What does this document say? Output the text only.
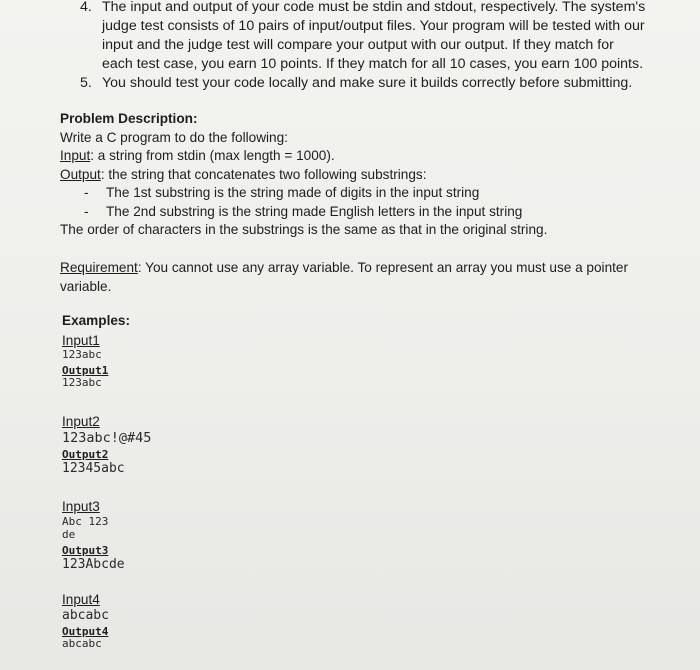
4. The input and output of your code must be stdin and stdout, respectively. The system's
judge test consists of 10 pairs of input/output files. Your program will be tested with our
input and the judge test will compare your output with our output. If they match for
each test case, you earn 10 points. If they match for all 10 cases, you earn 100 points.
5. You should test your code locally and make sure it builds correctly before submitting.
Problem Description:
Write a C program to do the following:
Input: a string from stdin (max length = 1000).
Output: the string that concatenates two following substrings:
- The 1st substring is the string made of digits in the input string
- The 2nd substring is the string made English letters in the input string
The order of characters in the substrings is the same as that in the original string.
Requirement: You cannot use any array variable. To represent an array you must use a pointer
variable.
Examples:
Input1
123abc
Output1
123abc
Input2
123abc!@#45
Output2
12345abc
Input3
Abc 123
de
Output3
123Abcde
Input4
abcabc
Output4
abcabc
